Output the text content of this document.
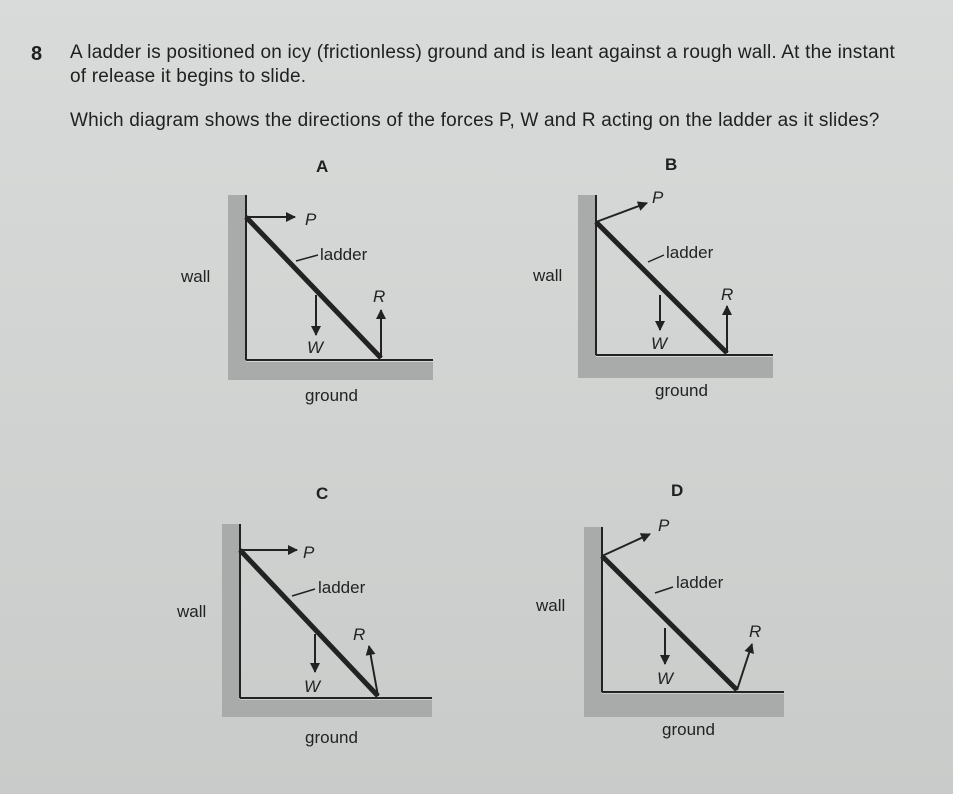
8 A ladder is positioned on icy (frictionless) ground and is leant against a rough wall. At the instant
of release it begins to slide.
Which diagram shows the directions of the forces P, W and R acting on the ladder as it slides?
A	B
C	D
P
ladder
R
W
wall
ground
P
ladder
R
W
wall
ground
P
ladder
R
W
wall
ground
P
ladder
R
W
wall
ground
